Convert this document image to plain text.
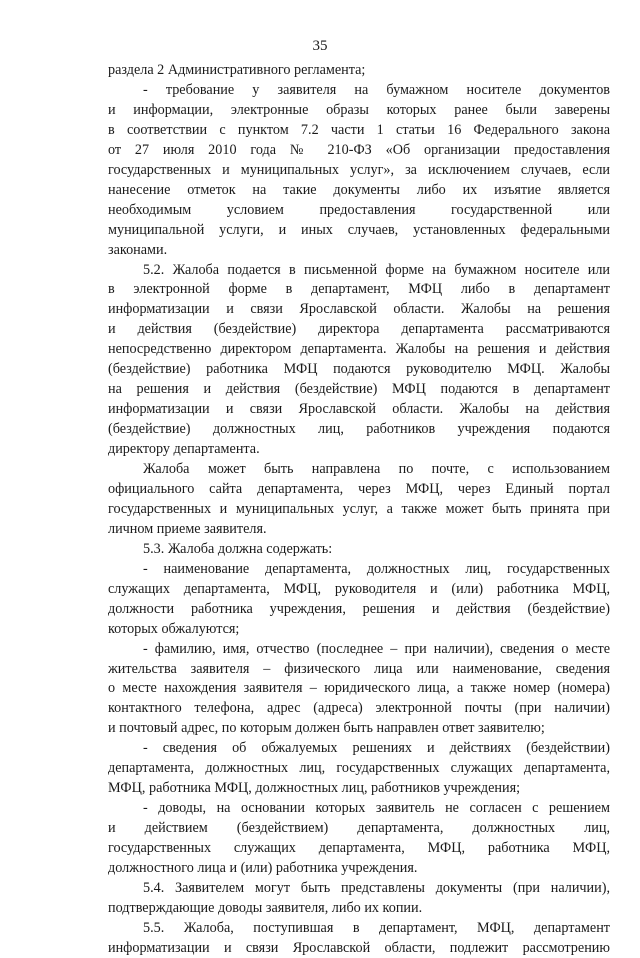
35
раздела 2 Административного регламента;
- требование у заявителя на бумажном носителе документов
и информации, электронные образы которых ранее были заверены
в соответствии с пунктом 7.2 части 1 статьи 16 Федерального закона
от 27 июля 2010 года № 210-ФЗ «Об организации предоставления
государственных и муниципальных услуг», за исключением случаев, если
нанесение отметок на такие документы либо их изъятие является
необходимым условием предоставления государственной или
муниципальной услуги, и иных случаев, установленных федеральными
законами.
5.2. Жалоба подается в письменной форме на бумажном носителе или
в электронной форме в департамент, МФЦ либо в департамент
информатизации и связи Ярославской области. Жалобы на решения
и действия (бездействие) директора департамента рассматриваются
непосредственно директором департамента. Жалобы на решения и действия
(бездействие) работника МФЦ подаются руководителю МФЦ. Жалобы
на решения и действия (бездействие) МФЦ подаются в департамент
информатизации и связи Ярославской области. Жалобы на действия
(бездействие) должностных лиц, работников учреждения подаются
директору департамента.
Жалоба может быть направлена по почте, с использованием
официального сайта департамента, через МФЦ, через Единый портал
государственных и муниципальных услуг, а также может быть принята при
личном приеме заявителя.
5.3. Жалоба должна содержать:
- наименование департамента, должностных лиц, государственных
служащих департамента, МФЦ, руководителя и (или) работника МФЦ,
должности работника учреждения, решения и действия (бездействие)
которых обжалуются;
- фамилию, имя, отчество (последнее – при наличии), сведения о месте
жительства заявителя – физического лица или наименование, сведения
о месте нахождения заявителя – юридического лица, а также номер (номера)
контактного телефона, адрес (адреса) электронной почты (при наличии)
и почтовый адрес, по которым должен быть направлен ответ заявителю;
- сведения об обжалуемых решениях и действиях (бездействии)
департамента, должностных лиц, государственных служащих департамента,
МФЦ, работника МФЦ, должностных лиц, работников учреждения;
- доводы, на основании которых заявитель не согласен с решением
и действием (бездействием) департамента, должностных лиц,
государственных служащих департамента, МФЦ, работника МФЦ,
должностного лица и (или) работника учреждения.
5.4. Заявителем могут быть представлены документы (при наличии),
подтверждающие доводы заявителя, либо их копии.
5.5. Жалоба, поступившая в департамент, МФЦ, департамент
информатизации и связи Ярославской области, подлежит рассмотрению
